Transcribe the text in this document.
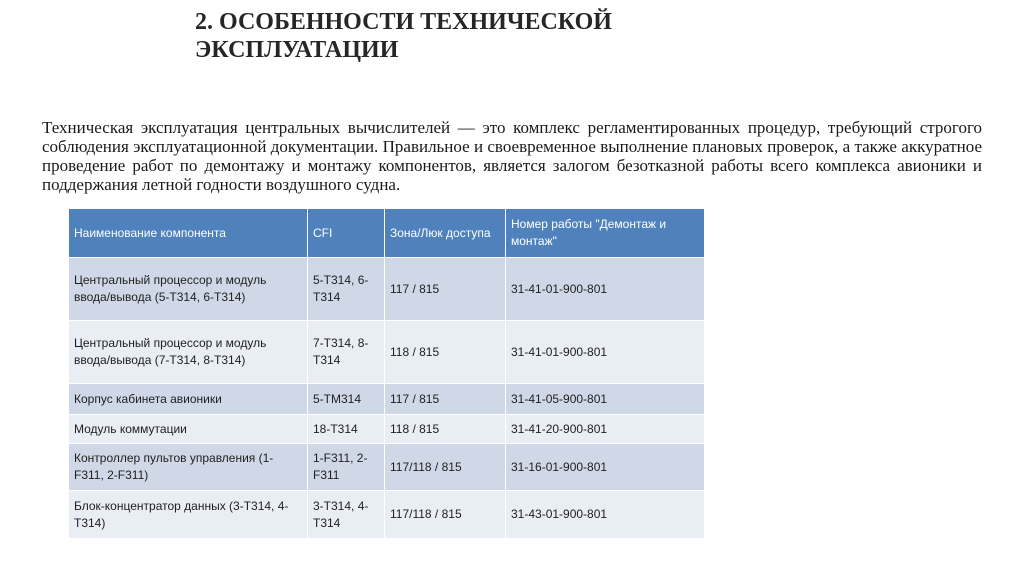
2. ОСОБЕННОСТИ ТЕХНИЧЕСКОЙ
ЭКСПЛУАТАЦИИ

Техническая эксплуатация центральных вычислителей — это комплекс регламентированных процедур, требующий строгого соблюдения эксплуатационной документации. Правильное и своевременное выполнение плановых проверок, а также аккуратное проведение работ по демонтажу и монтажу компонентов, является залогом безотказной работы всего комплекса авионики и поддержания летной годности воздушного судна.

Наименование компонента	CFI	Зона/Люк доступа	Номер работы "Демонтаж и монтаж"
Центральный процессор и модуль ввода/вывода (5-T314, 6-T314)	5-T314, 6-T314	117 / 815	31-41-01-900-801
Центральный процессор и модуль ввода/вывода (7-T314, 8-T314)	7-T314, 8-T314	118 / 815	31-41-01-900-801
Корпус кабинета авионики	5-TM314	117 / 815	31-41-05-900-801
Модуль коммутации	18-T314	118 / 815	31-41-20-900-801
Контроллер пультов управления (1-F311, 2-F311)	1-F311, 2-F311	117/118 / 815	31-16-01-900-801
Блок-концентратор данных (3-T314, 4-T314)	3-T314, 4-T314	117/118 / 815	31-43-01-900-801
